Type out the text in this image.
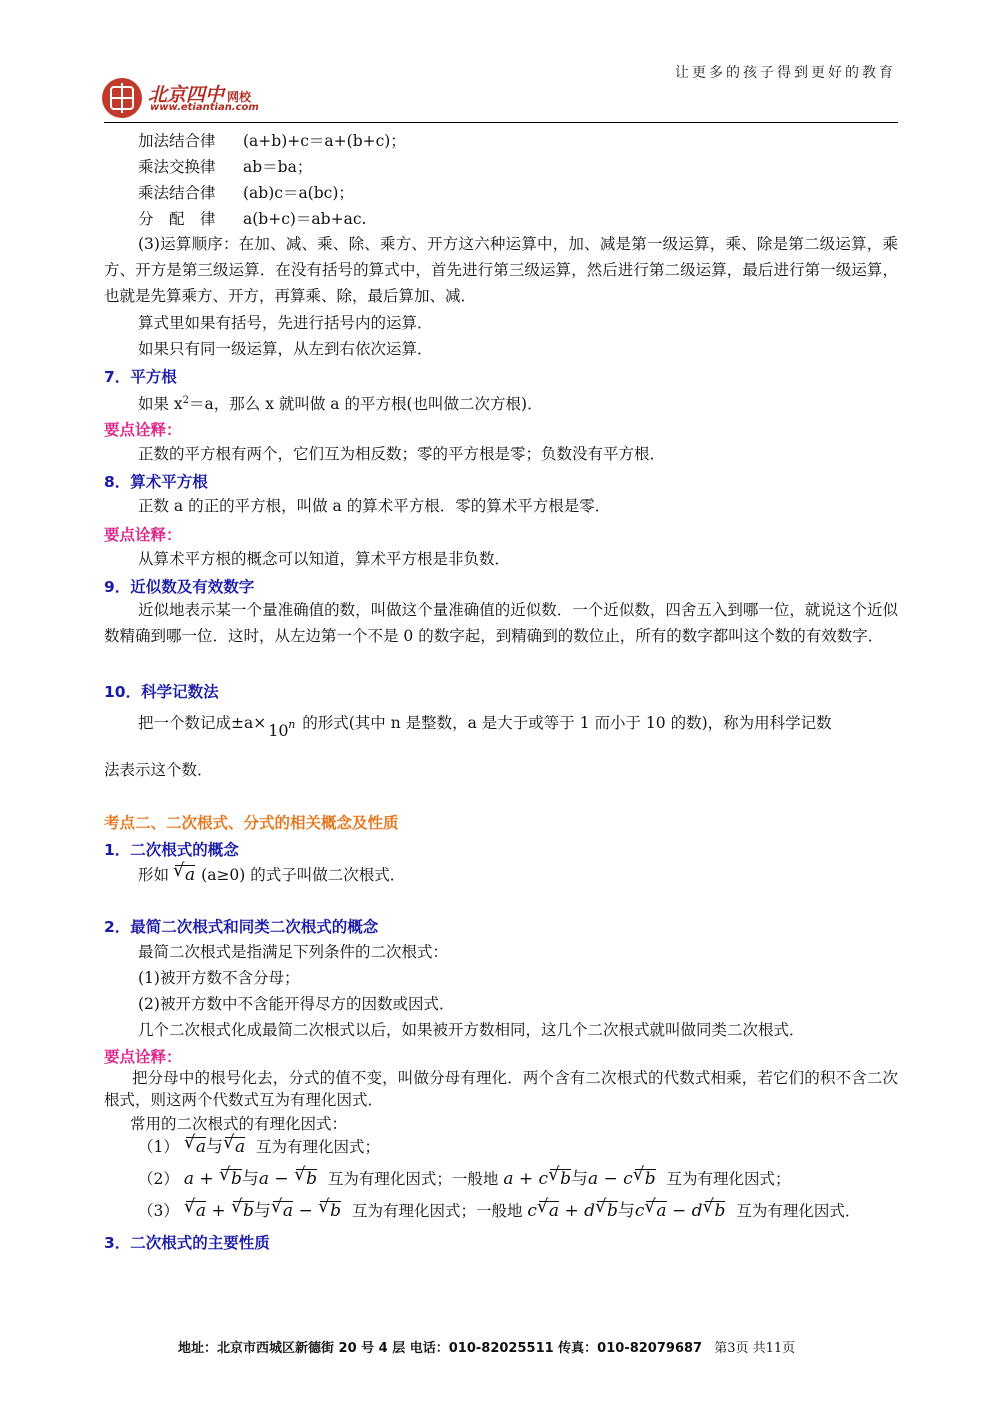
北京四中 网校
www.etiantian.com
让更多的孩子得到更好的教育
加法结合律 (a+b)+c＝a+(b+c)；
乘法交换律 ab＝ba；
乘法结合律 (ab)c＝a(bc)；
分　配　律 a(b+c)＝ab+ac.
(3)运算顺序：在加、减、乘、除、乘方、开方这六种运算中，加、减是第一级运算，乘、除是第二级运算，乘方、开方是第三级运算．在没有括号的算式中，首先进行第三级运算，然后进行第二级运算，最后进行第一级运算，也就是先算乘方、开方，再算乘、除，最后算加、减．
算式里如果有括号，先进行括号内的运算．
如果只有同一级运算，从左到右依次运算．
7．平方根
如果 $x^2=a$，那么 x 就叫做 a 的平方根(也叫做二次方根)．
要点诠释：
正数的平方根有两个，它们互为相反数；零的平方根是零；负数没有平方根．
8．算术平方根
正数 a 的正的平方根，叫做 a 的算术平方根．零的算术平方根是零．
要点诠释：
从算术平方根的概念可以知道，算术平方根是非负数．
9．近似数及有效数字
近似地表示某一个量准确值的数，叫做这个量准确值的近似数．一个近似数，四舍五入到哪一位，就说这个近似数精确到哪一位．这时，从左边第一个不是 0 的数字起，到精确到的数位止，所有的数字都叫这个数的有效数字．
10．科学记数法
把一个数记成±a× 10 n 的形式(其中 n 是整数，a 是大于或等于 1 而小于 10 的数)，称为用科学记数
法表示这个数．
考点二、二次根式、分式的相关概念及性质
1．二次根式的概念
形如 √ a (a≥0) 的式子叫做二次根式．
2．最简二次根式和同类二次根式的概念
最简二次根式是指满足下列条件的二次根式：
(1)被开方数不含分母；
(2)被开方数中不含能开得尽方的因数或因式．
几个二次根式化成最简二次根式以后，如果被开方数相同，这几个二次根式就叫做同类二次根式．
要点诠释：
把分母中的根号化去，分式的值不变，叫做分母有理化．两个含有二次根式的代数式相乘，若它们的积不含二次根式，则这两个代数式互为有理化因式．
常用的二次根式的有理化因式：
（1） √ a与 √ a 互为有理化因式；
（2） a + √ b与a − √ b 互为有理化因式；一般地 a + c √ b与a − c √ b 互为有理化因式；
（3） √ a + √ b与 √ a − √ b 互为有理化因式；一般地 c √ a + d √ b与c √ a − d √ b 互为有理化因式．
3．二次根式的主要性质
地址：北京市西城区新德街 20 号 4 层 电话：010-82025511 传真：010-82079687 第3页 共11页
